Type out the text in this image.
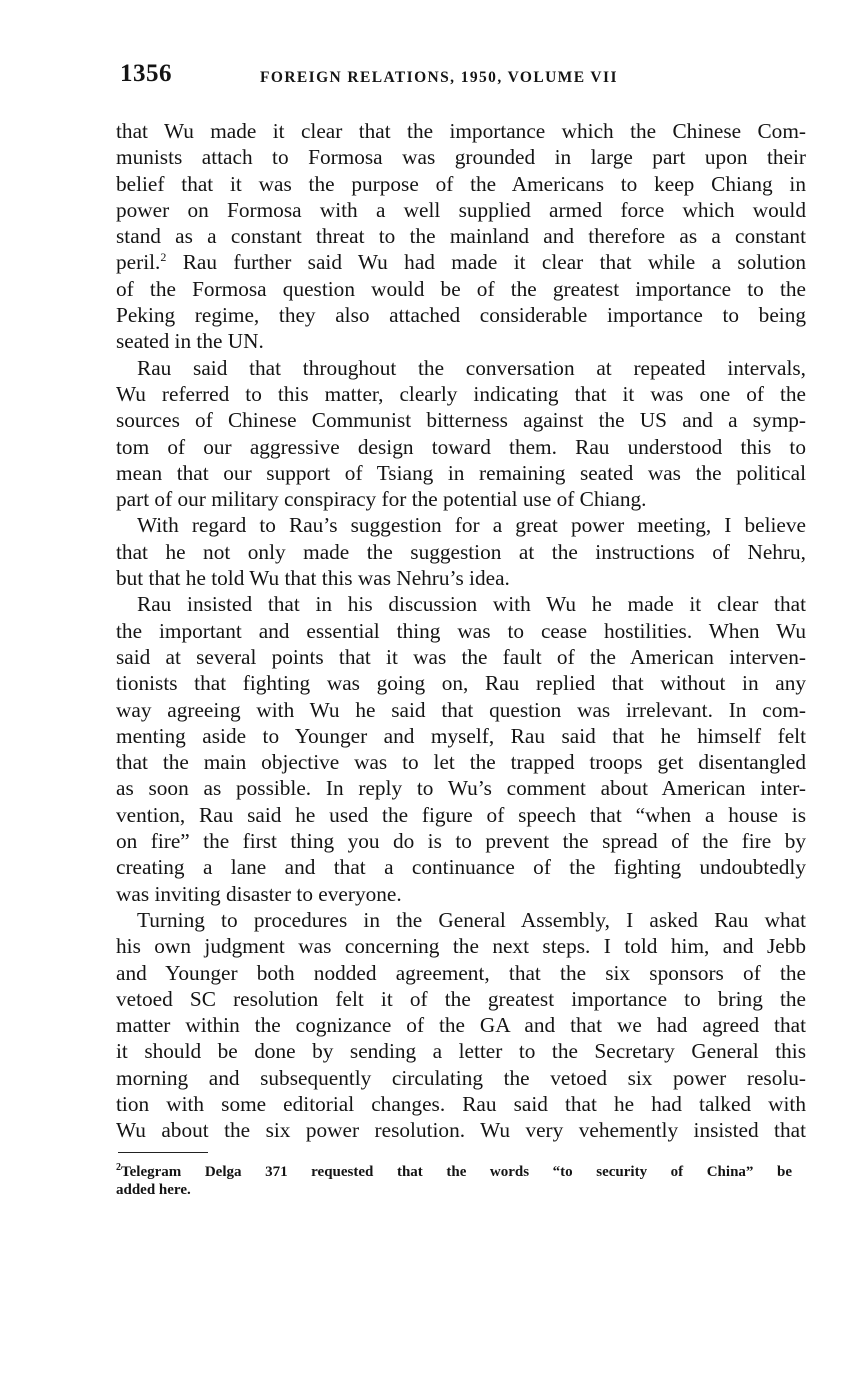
1356	FOREIGN RELATIONS, 1950, VOLUME VII
that Wu made it clear that the importance which the Chinese Com-
munists attach to Formosa was grounded in large part upon their
belief that it was the purpose of the Americans to keep Chiang in
power on Formosa with a well supplied armed force which would
stand as a constant threat to the mainland and therefore as a constant
peril.$^2$ Rau further said Wu had made it clear that while a solution
of the Formosa question would be of the greatest importance to the
Peking regime, they also attached considerable importance to being
seated in the UN.
Rau said that throughout the conversation at repeated intervals,
Wu referred to this matter, clearly indicating that it was one of the
sources of Chinese Communist bitterness against the US and a symp-
tom of our aggressive design toward them. Rau understood this to
mean that our support of Tsiang in remaining seated was the political
part of our military conspiracy for the potential use of Chiang.
With regard to Rau’s suggestion for a great power meeting, I believe
that he not only made the suggestion at the instructions of Nehru,
but that he told Wu that this was Nehru’s idea.
Rau insisted that in his discussion with Wu he made it clear that
the important and essential thing was to cease hostilities. When Wu
said at several points that it was the fault of the American interven-
tionists that fighting was going on, Rau replied that without in any
way agreeing with Wu he said that question was irrelevant. In com-
menting aside to Younger and myself, Rau said that he himself felt
that the main objective was to let the trapped troops get disentangled
as soon as possible. In reply to Wu’s comment about American inter-
vention, Rau said he used the figure of speech that “when a house is
on fire” the first thing you do is to prevent the spread of the fire by
creating a lane and that a continuance of the fighting undoubtedly
was inviting disaster to everyone.
Turning to procedures in the General Assembly, I asked Rau what
his own judgment was concerning the next steps. I told him, and Jebb
and Younger both nodded agreement, that the six sponsors of the
vetoed SC resolution felt it of the greatest importance to bring the
matter within the cognizance of the GA and that we had agreed that
it should be done by sending a letter to the Secretary General this
morning and subsequently circulating the vetoed six power resolu-
tion with some editorial changes. Rau said that he had talked with
Wu about the six power resolution. Wu very vehemently insisted that
$^2$Telegram Delga 371 requested that the words “to security of China” be
added here.
